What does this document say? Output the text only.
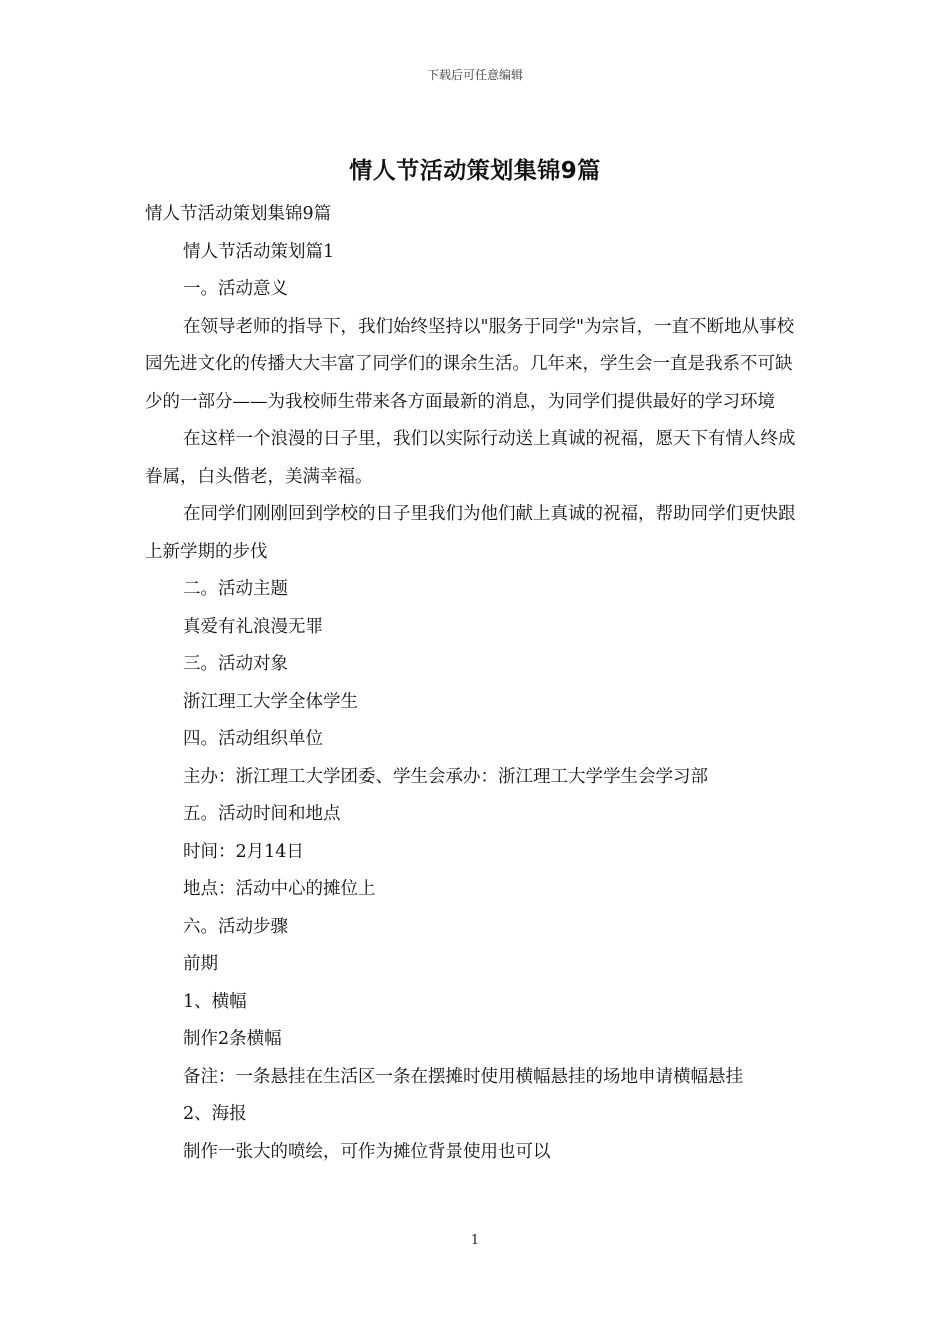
下载后可任意编辑
情人节活动策划集锦9篇

情人节活动策划集锦9篇

情人节活动策划篇1

一。活动意义

在领导老师的指导下，我们始终坚持以"服务于同学"为宗旨，一直不断地从事校园先进文化的传播大大丰富了同学们的课余生活。几年来，学生会一直是我系不可缺少的一部分——为我校师生带来各方面最新的消息，为同学们提供最好的学习环境

在这样一个浪漫的日子里，我们以实际行动送上真诚的祝福，愿天下有情人终成眷属，白头偕老，美满幸福。

在同学们刚刚回到学校的日子里我们为他们献上真诚的祝福，帮助同学们更快跟上新学期的步伐

二。活动主题

真爱有礼浪漫无罪

三。活动对象

浙江理工大学全体学生

四。活动组织单位

主办：浙江理工大学团委、学生会承办：浙江理工大学学生会学习部

五。活动时间和地点

时间：2月14日

地点：活动中心的摊位上

六。活动步骤

前期

1、横幅

制作2条横幅

备注：一条悬挂在生活区一条在摆摊时使用横幅悬挂的场地申请横幅悬挂

2、海报

制作一张大的喷绘，可作为摊位背景使用也可以

1
